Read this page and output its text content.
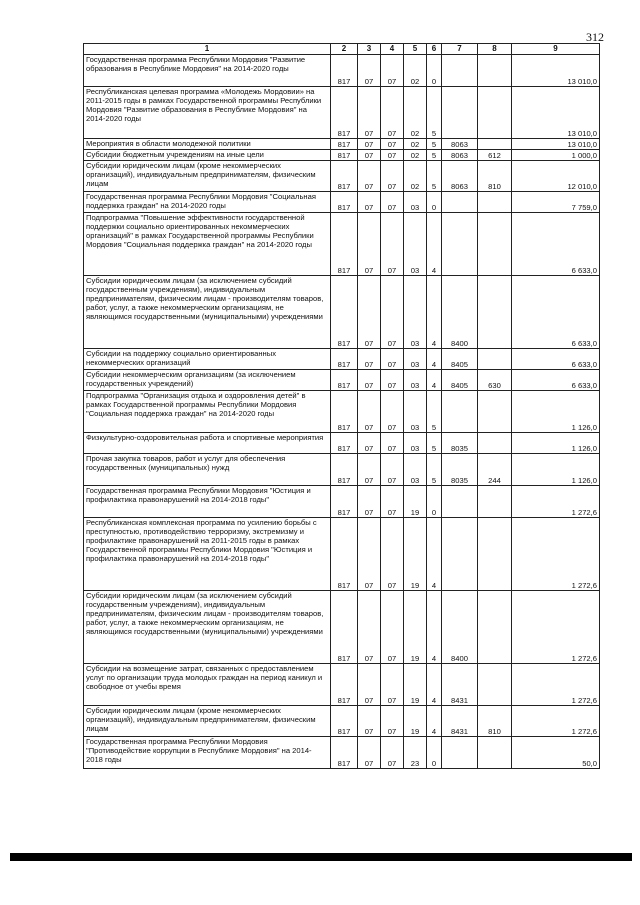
312
1	2	3	4	5	6	7	8	9
Государственная программа Республики Мордовия "Развитие образования в Республике Мордовия" на 2014-2020 годы	817	07	07	02	0			13 010,0
Республиканская целевая программа «Молодежь Мордовии» на 2011-2015 годы в рамках Государственной программы Республики Мордовия "Развитие образования в Республике Мордовия" на 2014-2020 годы	817	07	07	02	5			13 010,0
Мероприятия в области молодежной политики	817	07	07	02	5	8063		13 010,0
Субсидии бюджетным учреждениям на иные цели	817	07	07	02	5	8063	612	1 000,0
Субсидии юридическим лицам (кроме некоммерческих организаций), индивидуальным предпринимателям, физическим лицам	817	07	07	02	5	8063	810	12 010,0
Государственная программа Республики Мордовия "Социальная поддержка граждан" на 2014-2020 годы	817	07	07	03	0			7 759,0
Подпрограмма "Повышение эффективности государственной поддержки социально ориентированных некоммерческих организаций" в рамках Государственной программы Республики Мордовия "Социальная поддержка граждан" на 2014-2020 годы	817	07	07	03	4			6 633,0
Субсидии юридическим лицам (за исключением субсидий государственным учреждениям), индивидуальным предпринимателям, физическим лицам - производителям товаров, работ, услуг, а также некоммерческим организациям, не являющимся государственными (муниципальными) учреждениями	817	07	07	03	4	8400		6 633,0
Субсидии на поддержку социально ориентированных некоммерческих организаций	817	07	07	03	4	8405		6 633,0
Субсидии некоммерческим организациям (за исключением государственных учреждений)	817	07	07	03	4	8405	630	6 633,0
Подпрограмма "Организация отдыха и оздоровления детей" в рамках Государственной программы Республики Мордовия "Социальная поддержка граждан" на 2014-2020 годы	817	07	07	03	5			1 126,0
Физкультурно-оздоровительная работа и спортивные мероприятия	817	07	07	03	5	8035		1 126,0
Прочая закупка товаров, работ и услуг для обеспечения государственных (муниципальных) нужд	817	07	07	03	5	8035	244	1 126,0
Государственная программа Республики Мордовия "Юстиция и профилактика правонарушений на 2014-2018 годы"	817	07	07	19	0			1 272,6
Республиканская комплексная программа по усилению борьбы с преступностью, противодействию терроризму, экстремизму и профилактике правонарушений на 2011-2015 годы в рамках Государственной программы Республики Мордовия "Юстиция и профилактика правонарушений на 2014-2018 годы"	817	07	07	19	4			1 272,6
Субсидии юридическим лицам (за исключением субсидий государственным учреждениям), индивидуальным предпринимателям, физическим лицам - производителям товаров, работ, услуг, а также некоммерческим организациям, не являющимся государственными (муниципальными) учреждениями	817	07	07	19	4	8400		1 272,6
Субсидии на возмещение затрат, связанных с предоставлением услуг по организации труда молодых граждан на период каникул и свободное от учебы время	817	07	07	19	4	8431		1 272,6
Субсидии юридическим лицам (кроме некоммерческих организаций), индивидуальным предпринимателям, физическим лицам	817	07	07	19	4	8431	810	1 272,6
Государственная программа Республики Мордовия "Противодействие коррупции в Республике Мордовия" на 2014-2018 годы	817	07	07	23	0			50,0
